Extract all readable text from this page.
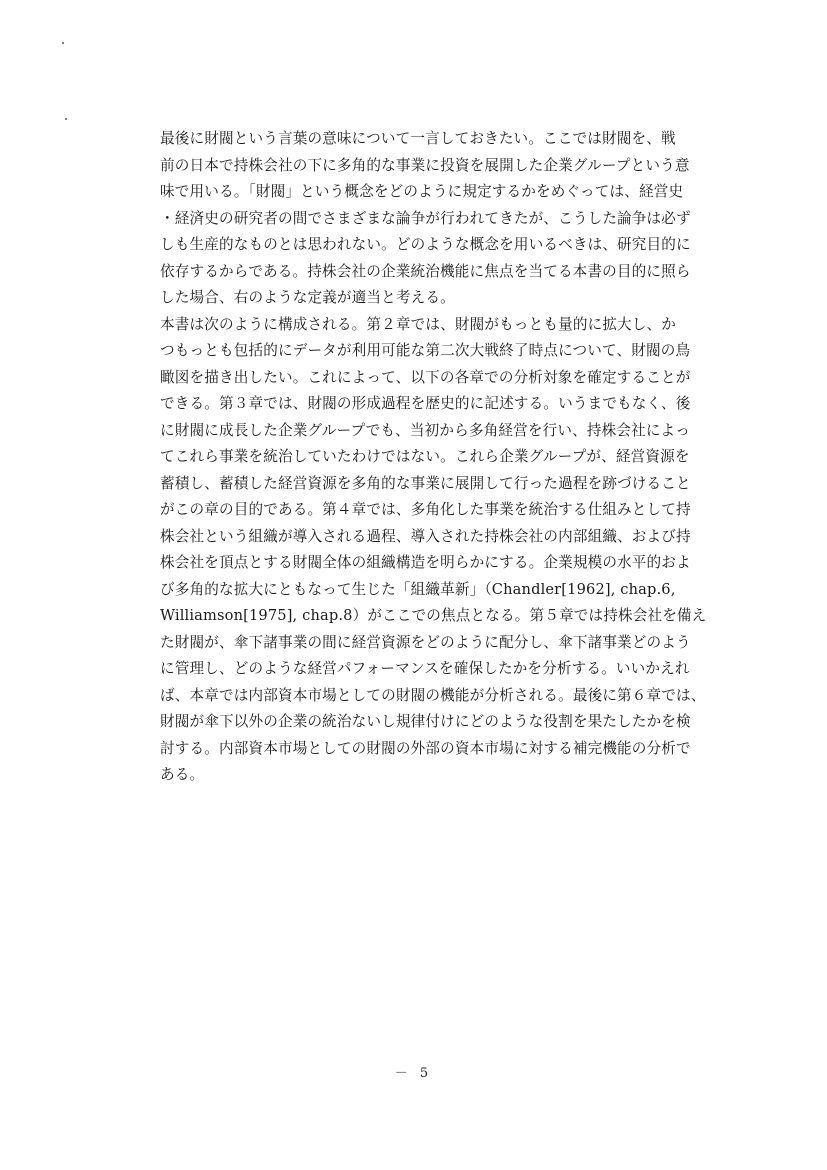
最後に財閥という言葉の意味について一言しておきたい。ここでは財閥を、戦
前の日本で持株会社の下に多角的な事業に投資を展開した企業グループという意
味で用いる。「財閥」という概念をどのように規定するかをめぐっては、経営史
・経済史の研究者の間でさまざまな論争が行われてきたが、こうした論争は必ず
しも生産的なものとは思われない。どのような概念を用いるべきは、研究目的に
依存するからである。持株会社の企業統治機能に焦点を当てる本書の目的に照ら
した場合、右のような定義が適当と考える。
本書は次のように構成される。第２章では、財閥がもっとも量的に拡大し、か
つもっとも包括的にデータが利用可能な第二次大戦終了時点について、財閥の鳥
瞰図を描き出したい。これによって、以下の各章での分析対象を確定することが
できる。第３章では、財閥の形成過程を歴史的に記述する。いうまでもなく、後
に財閥に成長した企業グループでも、当初から多角経営を行い、持株会社によっ
てこれら事業を統治していたわけではない。これら企業グループが、経営資源を
蓄積し、蓄積した経営資源を多角的な事業に展開して行った過程を跡づけること
がこの章の目的である。第４章では、多角化した事業を統治する仕組みとして持
株会社という組織が導入される過程、導入された持株会社の内部組織、および持
株会社を頂点とする財閥全体の組織構造を明らかにする。企業規模の水平的およ
び多角的な拡大にともなって生じた「組織革新」（Chandler[1962], chap.6,
Williamson[1975], chap.8）がここでの焦点となる。第５章では持株会社を備え
た財閥が、傘下諸事業の間に経営資源をどのように配分し、傘下諸事業どのよう
に管理し、どのような経営パフォーマンスを確保したかを分析する。いいかえれ
ば、本章では内部資本市場としての財閥の機能が分析される。最後に第６章では、
財閥が傘下以外の企業の統治ないし規律付けにどのような役割を果たしたかを検
討する。内部資本市場としての財閥の外部の資本市場に対する補完機能の分析で
ある。
－ 5
